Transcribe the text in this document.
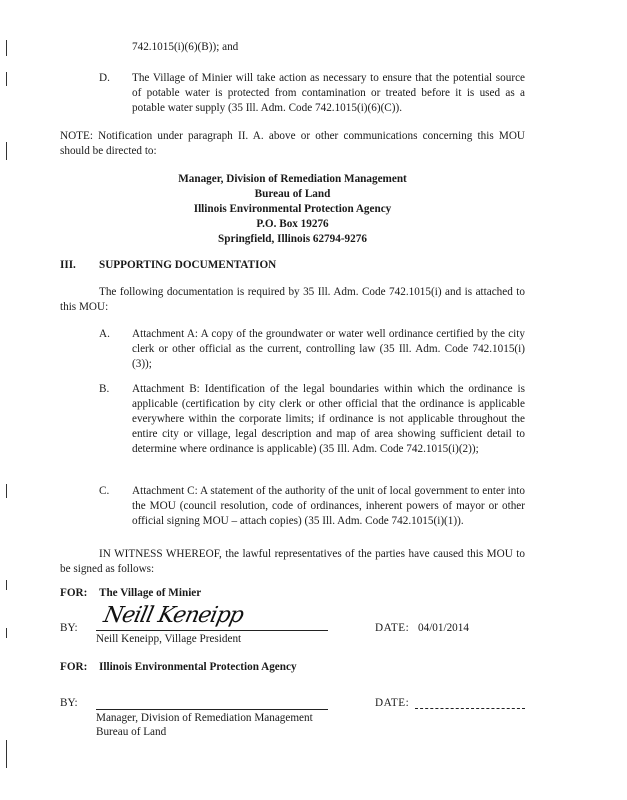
742.1015(i)(6)(B)); and
D. The Village of Minier will take action as necessary to ensure that the potential source of potable water is protected from contamination or treated before it is used as a potable water supply (35 Ill. Adm. Code 742.1015(i)(6)(C)).
NOTE: Notification under paragraph II. A. above or other communications concerning this MOU should be directed to:
Manager, Division of Remediation Management
Bureau of Land
Illinois Environmental Protection Agency
P.O. Box 19276
Springfield, Illinois 62794-9276
III. SUPPORTING DOCUMENTATION
The following documentation is required by 35 Ill. Adm. Code 742.1015(i) and is attached to this MOU:
A. Attachment A: A copy of the groundwater or water well ordinance certified by the city clerk or other official as the current, controlling law (35 Ill. Adm. Code 742.1015(i)(3));
B. Attachment B: Identification of the legal boundaries within which the ordinance is applicable (certification by city clerk or other official that the ordinance is applicable everywhere within the corporate limits; if ordinance is not applicable throughout the entire city or village, legal description and map of area showing sufficient detail to determine where ordinance is applicable) (35 Ill. Adm. Code 742.1015(i)(2));
C. Attachment C: A statement of the authority of the unit of local government to enter into the MOU (council resolution, code of ordinances, inherent powers of mayor or other official signing MOU – attach copies) (35 Ill. Adm. Code 742.1015(i)(1)).
IN WITNESS WHEREOF, the lawful representatives of the parties have caused this MOU to be signed as follows:
FOR: The Village of Minier
BY: Neill Keneipp
Neill Keneipp, Village President
DATE: 04/01/2014
FOR: Illinois Environmental Protection Agency
BY:
Manager, Division of Remediation Management
Bureau of Land
DATE:
